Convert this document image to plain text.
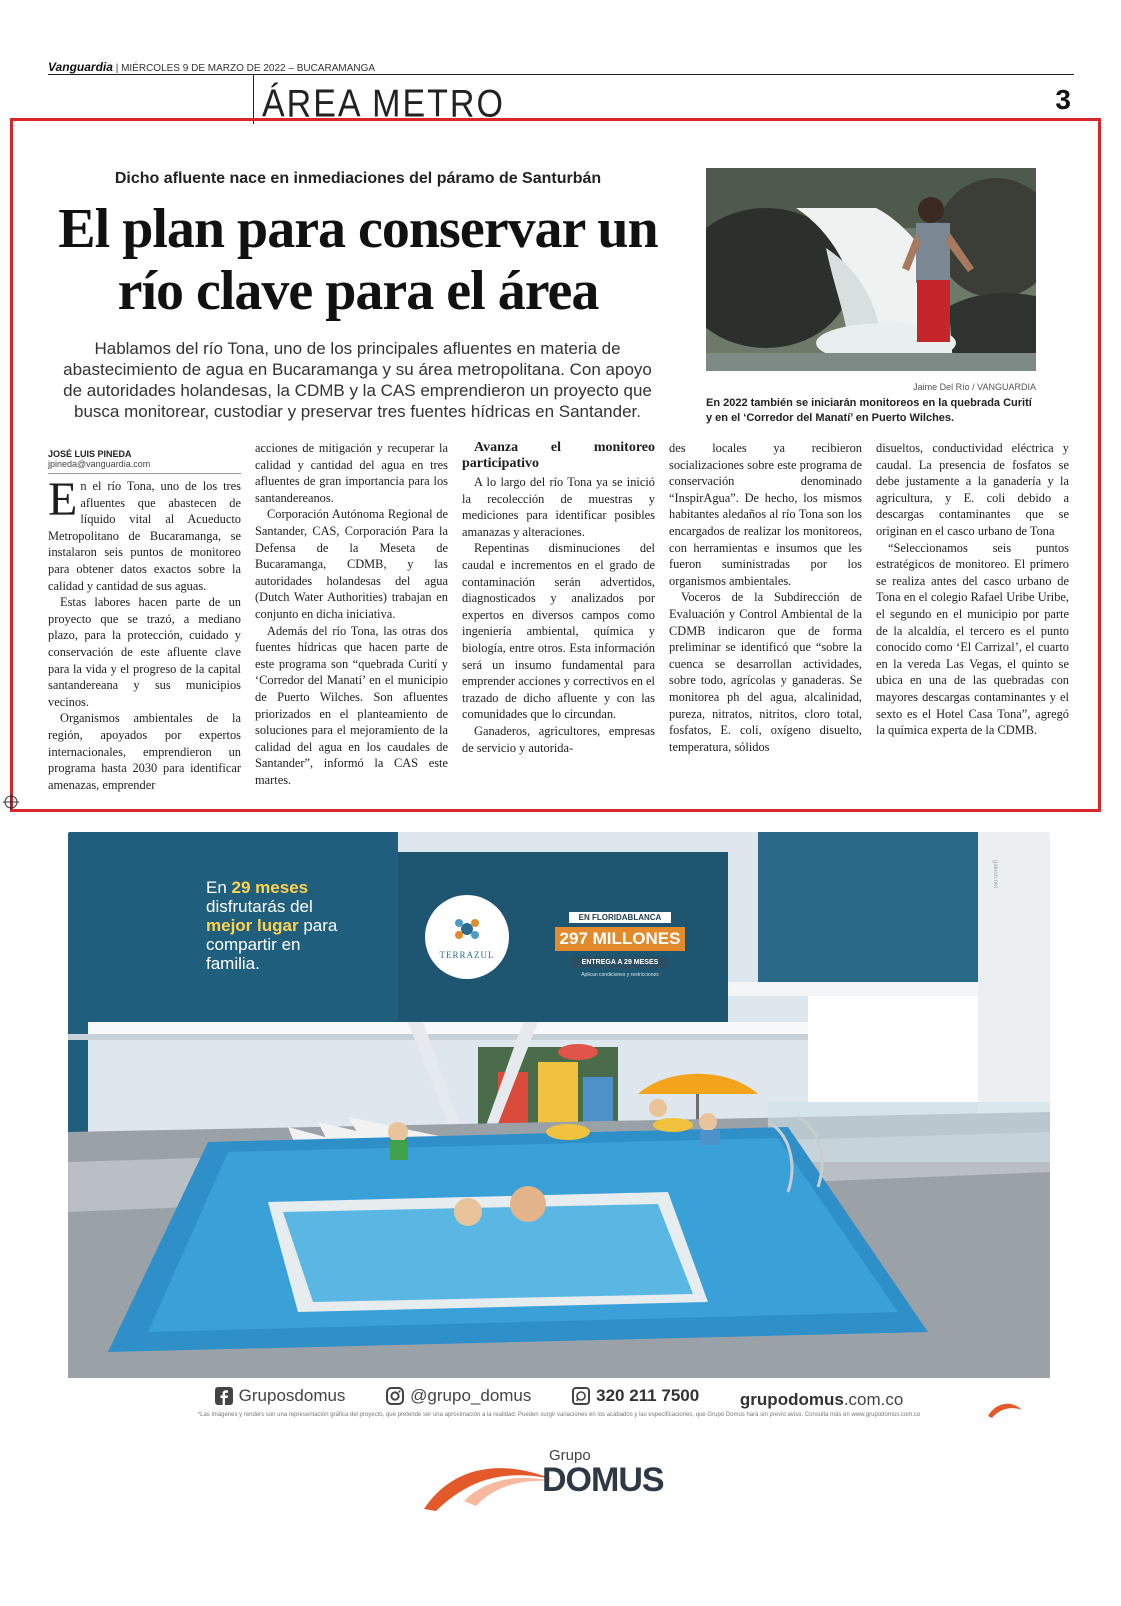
Vanguardia | MIÉRCOLES 9 DE MARZO DE 2022 – BUCARAMANGA
ÁREA METRO	3
Dicho afluente nace en inmediaciones del páramo de Santurbán
El plan para conservar un río clave para el área
Hablamos del río Tona, uno de los principales afluentes en materia de abastecimiento de agua en Bucaramanga y su área metropolitana. Con apoyo de autoridades holandesas, la CDMB y la CAS emprendieron un proyecto que busca monitorear, custodiar y preservar tres fuentes hídricas en Santander.
Jaime Del Río / VANGUARDIA
En 2022 también se iniciarán monitoreos en la quebrada Curití y en el ‘Corredor del Manatí’ en Puerto Wilches.
JOSÉ LUIS PINEDA
jpineda@vanguardia.com

En el río Tona, uno de los tres afluentes que abastecen de líquido vital al Acueducto Metropolitano de Bucaramanga, se instalaron seis puntos de monitoreo para obtener datos exactos sobre la calidad y cantidad de sus aguas.

Estas labores hacen parte de un proyecto que se trazó, a mediano plazo, para la protección, cuidado y conservación de este afluente clave para la vida y el progreso de la capital santandereana y sus municipios vecinos.

Organismos ambientales de la región, apoyados por expertos internacionales, emprendieron un programa hasta 2030 para identificar amenazas, emprender

acciones de mitigación y recuperar la calidad y cantidad del agua en tres afluentes de gran importancia para los santandereanos.

Corporación Autónoma Regional de Santander, CAS, Corporación Para la Defensa de la Meseta de Bucaramanga, CDMB, y las autoridades holandesas del agua (Dutch Water Authorities) trabajan en conjunto en dicha iniciativa.

Además del río Tona, las otras dos fuentes hídricas que hacen parte de este programa son “quebrada Curití y ‘Corredor del Manatí’ en el municipio de Puerto Wilches. Son afluentes priorizados en el planteamiento de soluciones para el mejoramiento de la calidad del agua en los caudales de Santander”, informó la CAS este martes.

Avanza el monitoreo participativo

A lo largo del río Tona ya se inició la recolección de muestras y mediciones para identificar posibles amanazas y alteraciones.

Repentinas disminuciones del caudal e incrementos en el grado de contaminación serán advertidos, diagnosticados y analizados por expertos en diversos campos como ingeniería ambiental, química y biología, entre otros. Esta información será un insumo fundamental para emprender acciones y correctivos en el trazado de dicho afluente y con las comunidades que lo circundan.

Ganaderos, agricultores, empresas de servicio y autorida-

des locales ya recibieron socializaciones sobre este programa de conservación denominado “InspirAgua”. De hecho, los mismos habitantes aledaños al río Tona son los encargados de realizar los monitoreos, con herramientas e insumos que les fueron suministradas por los organismos ambientales.

Voceros de la Subdirección de Evaluación y Control Ambiental de la CDMB indicaron que de forma preliminar se identificó que “sobre la cuenca se desarrollan actividades, sobre todo, agrícolas y ganaderas. Se monitorea ph del agua, alcalinidad, pureza, nitratos, nitritos, cloro total, fosfatos, E. coli, oxígeno disuelto, temperatura, sólidos

disueltos, conductividad eléctrica y caudal. La presencia de fosfatos se debe justamente a la ganadería y la agricultura, y E. coli debido a descargas contaminantes que se originan en el casco urbano de Tona

“Seleccionamos seis puntos estratégicos de monitoreo. El primero se realiza antes del casco urbano de Tona en el colegio Rafael Uribe Uribe, el segundo en el municipio por parte de la alcaldía, el tercero es el punto conocido como ‘El Carrizal’, el cuarto en la vereda Las Vegas, el quinto se ubica en una de las quebradas con mayores descargas contaminantes y el sexto es el Hotel Casa Tona”, agregó la química experta de la CDMB.

En 29 meses
disfrutarás del
mejor lugar para
compartir en
familia.	TERRAZUL
EN FLORIDABLANCA
297 MILLONES
ENTREGA A 29 MESES
Aplican condiciones y restricciones
galeon.net
Gruposdomus
	@grupo_domus
	320 211 7500
grupodomus.com.co
*Las imágenes y renders son una representación gráfica del proyecto, que pretende ser una aproximación a la realidad. Pueden surgir variaciones en los acabados y las especificaciones, que Grupo Domus hará sin previo aviso. Consulta más en www.grupodomus.com.co
Grupo
DOMUS
